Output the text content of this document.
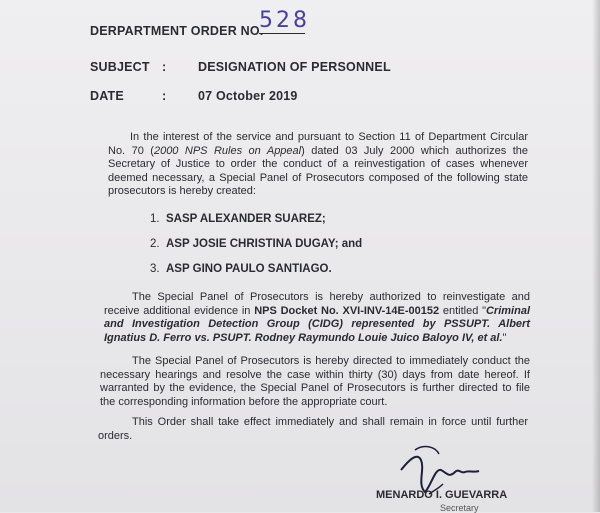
DERPARTMENT ORDER NO.
528
SUBJECT :	DESIGNATION OF PERSONNEL
DATE	:	07 October 2019
In the interest of the service and pursuant to Section 11 of Department Circular No. 70 (2000 NPS Rules on Appeal) dated 03 July 2000 which authorizes the Secretary of Justice to order the conduct of a reinvestigation of cases whenever deemed necessary, a Special Panel of Prosecutors composed of the following state prosecutors is hereby created:
1. SASP ALEXANDER SUAREZ;
2. ASP JOSIE CHRISTINA DUGAY; and
3. ASP GINO PAULO SANTIAGO.
The Special Panel of Prosecutors is hereby authorized to reinvestigate and receive additional evidence in NPS Docket No. XVI-INV-14E-00152 entitled "Criminal and Investigation Detection Group (CIDG) represented by PSSUPT. Albert Ignatius D. Ferro vs. PSUPT. Rodney Raymundo Louie Juico Baloyo IV, et al."
The Special Panel of Prosecutors is hereby directed to immediately conduct the necessary hearings and resolve the case within thirty (30) days from date hereof. If warranted by the evidence, the Special Panel of Prosecutors is further directed to file the corresponding information before the appropriate court.
This Order shall take effect immediately and shall remain in force until further orders.
MENARDO I. GUEVARRA
Secretary
